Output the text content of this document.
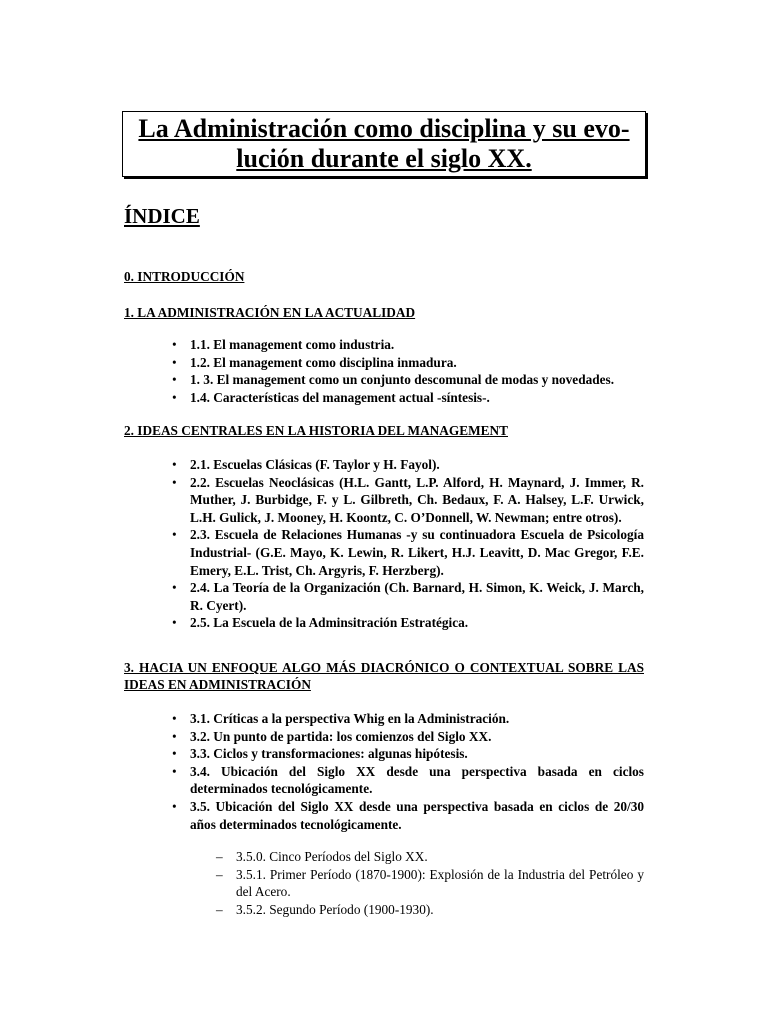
La Administración como disciplina y su evo-
lución durante el siglo XX.
ÍNDICE
0. INTRODUCCIÓN
1. LA ADMINISTRACIÓN EN LA ACTUALIDAD
• 1.1. El management como industria.
• 1.2. El management como disciplina inmadura.
• 1. 3. El management como un conjunto descomunal de modas y novedades.
• 1.4. Características del management actual -síntesis-.
2. IDEAS CENTRALES EN LA HISTORIA DEL MANAGEMENT
• 2.1. Escuelas Clásicas (F. Taylor y H. Fayol).
• 2.2. Escuelas Neoclásicas (H.L. Gantt, L.P. Alford, H. Maynard, J. Immer, R. Muther, J. Burbidge, F. y L. Gilbreth, Ch. Bedaux, F. A. Halsey, L.F. Urwick, L.H. Gulick, J. Mooney, H. Koontz, C. O’Donnell, W. Newman; entre otros).
• 2.3. Escuela de Relaciones Humanas -y su continuadora Escuela de Psicología Industrial- (G.E. Mayo, K. Lewin, R. Likert, H.J. Leavitt, D. Mac Gregor, F.E. Emery, E.L. Trist, Ch. Argyris, F. Herzberg).
• 2.4. La Teoría de la Organización (Ch. Barnard, H. Simon, K. Weick, J. March, R. Cyert).
• 2.5. La Escuela de la Adminsitración Estratégica.
3. HACIA UN ENFOQUE ALGO MÁS DIACRÓNICO O CONTEXTUAL SOBRE LAS IDEAS EN ADMINISTRACIÓN
• 3.1. Críticas a la perspectiva Whig en la Administración.
• 3.2. Un punto de partida: los comienzos del Siglo XX.
• 3.3. Ciclos y transformaciones: algunas hipótesis.
• 3.4. Ubicación del Siglo XX desde una perspectiva basada en ciclos determinados tecnológicamente.
• 3.5. Ubicación del Siglo XX desde una perspectiva basada en ciclos de 20/30 años determinados tecnológicamente.
– 3.5.0. Cinco Períodos del Siglo XX.
– 3.5.1. Primer Período (1870-1900): Explosión de la Industria del Petróleo y del Acero.
– 3.5.2. Segundo Período (1900-1930).
